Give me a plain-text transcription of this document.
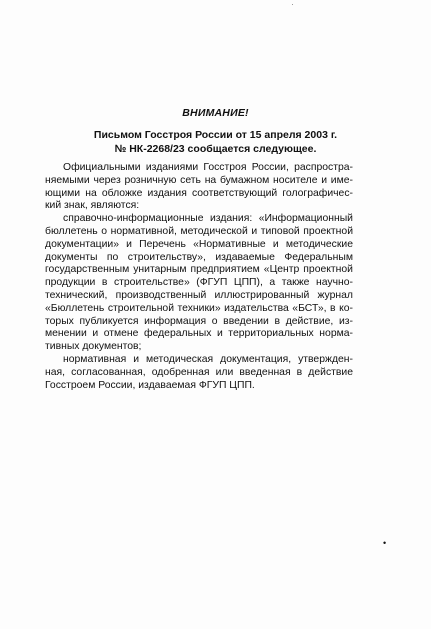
ВНИМАНИЕ!
Письмом Госстроя России от 15 апреля 2003 г.
№ НК-2268/23 сообщается следующее.

Официальными изданиями Госстроя России, распространяемыми через розничную сеть на бумажном носителе и имеющими на обложке издания соответствующий голографический знак, являются:

справочно-информационные издания: «Информационный бюллетень о нормативной, методической и типовой проектной документации» и Перечень «Нормативные и методические документы по строительству», издаваемые Федеральным государственным унитарным предприятием «Центр проектной продукции в строительстве» (ФГУП ЦПП), а также научно-технический, производственный иллюстрированный журнал «Бюллетень строительной техники» издательства «БСТ», в которых публикуется информация о введении в действие, изменении и отмене федеральных и территориальных нормативных документов;

нормативная и методическая документация, утвержденная, согласованная, одобренная или введенная в действие Госстроем России, издаваемая ФГУП ЦПП.

•
